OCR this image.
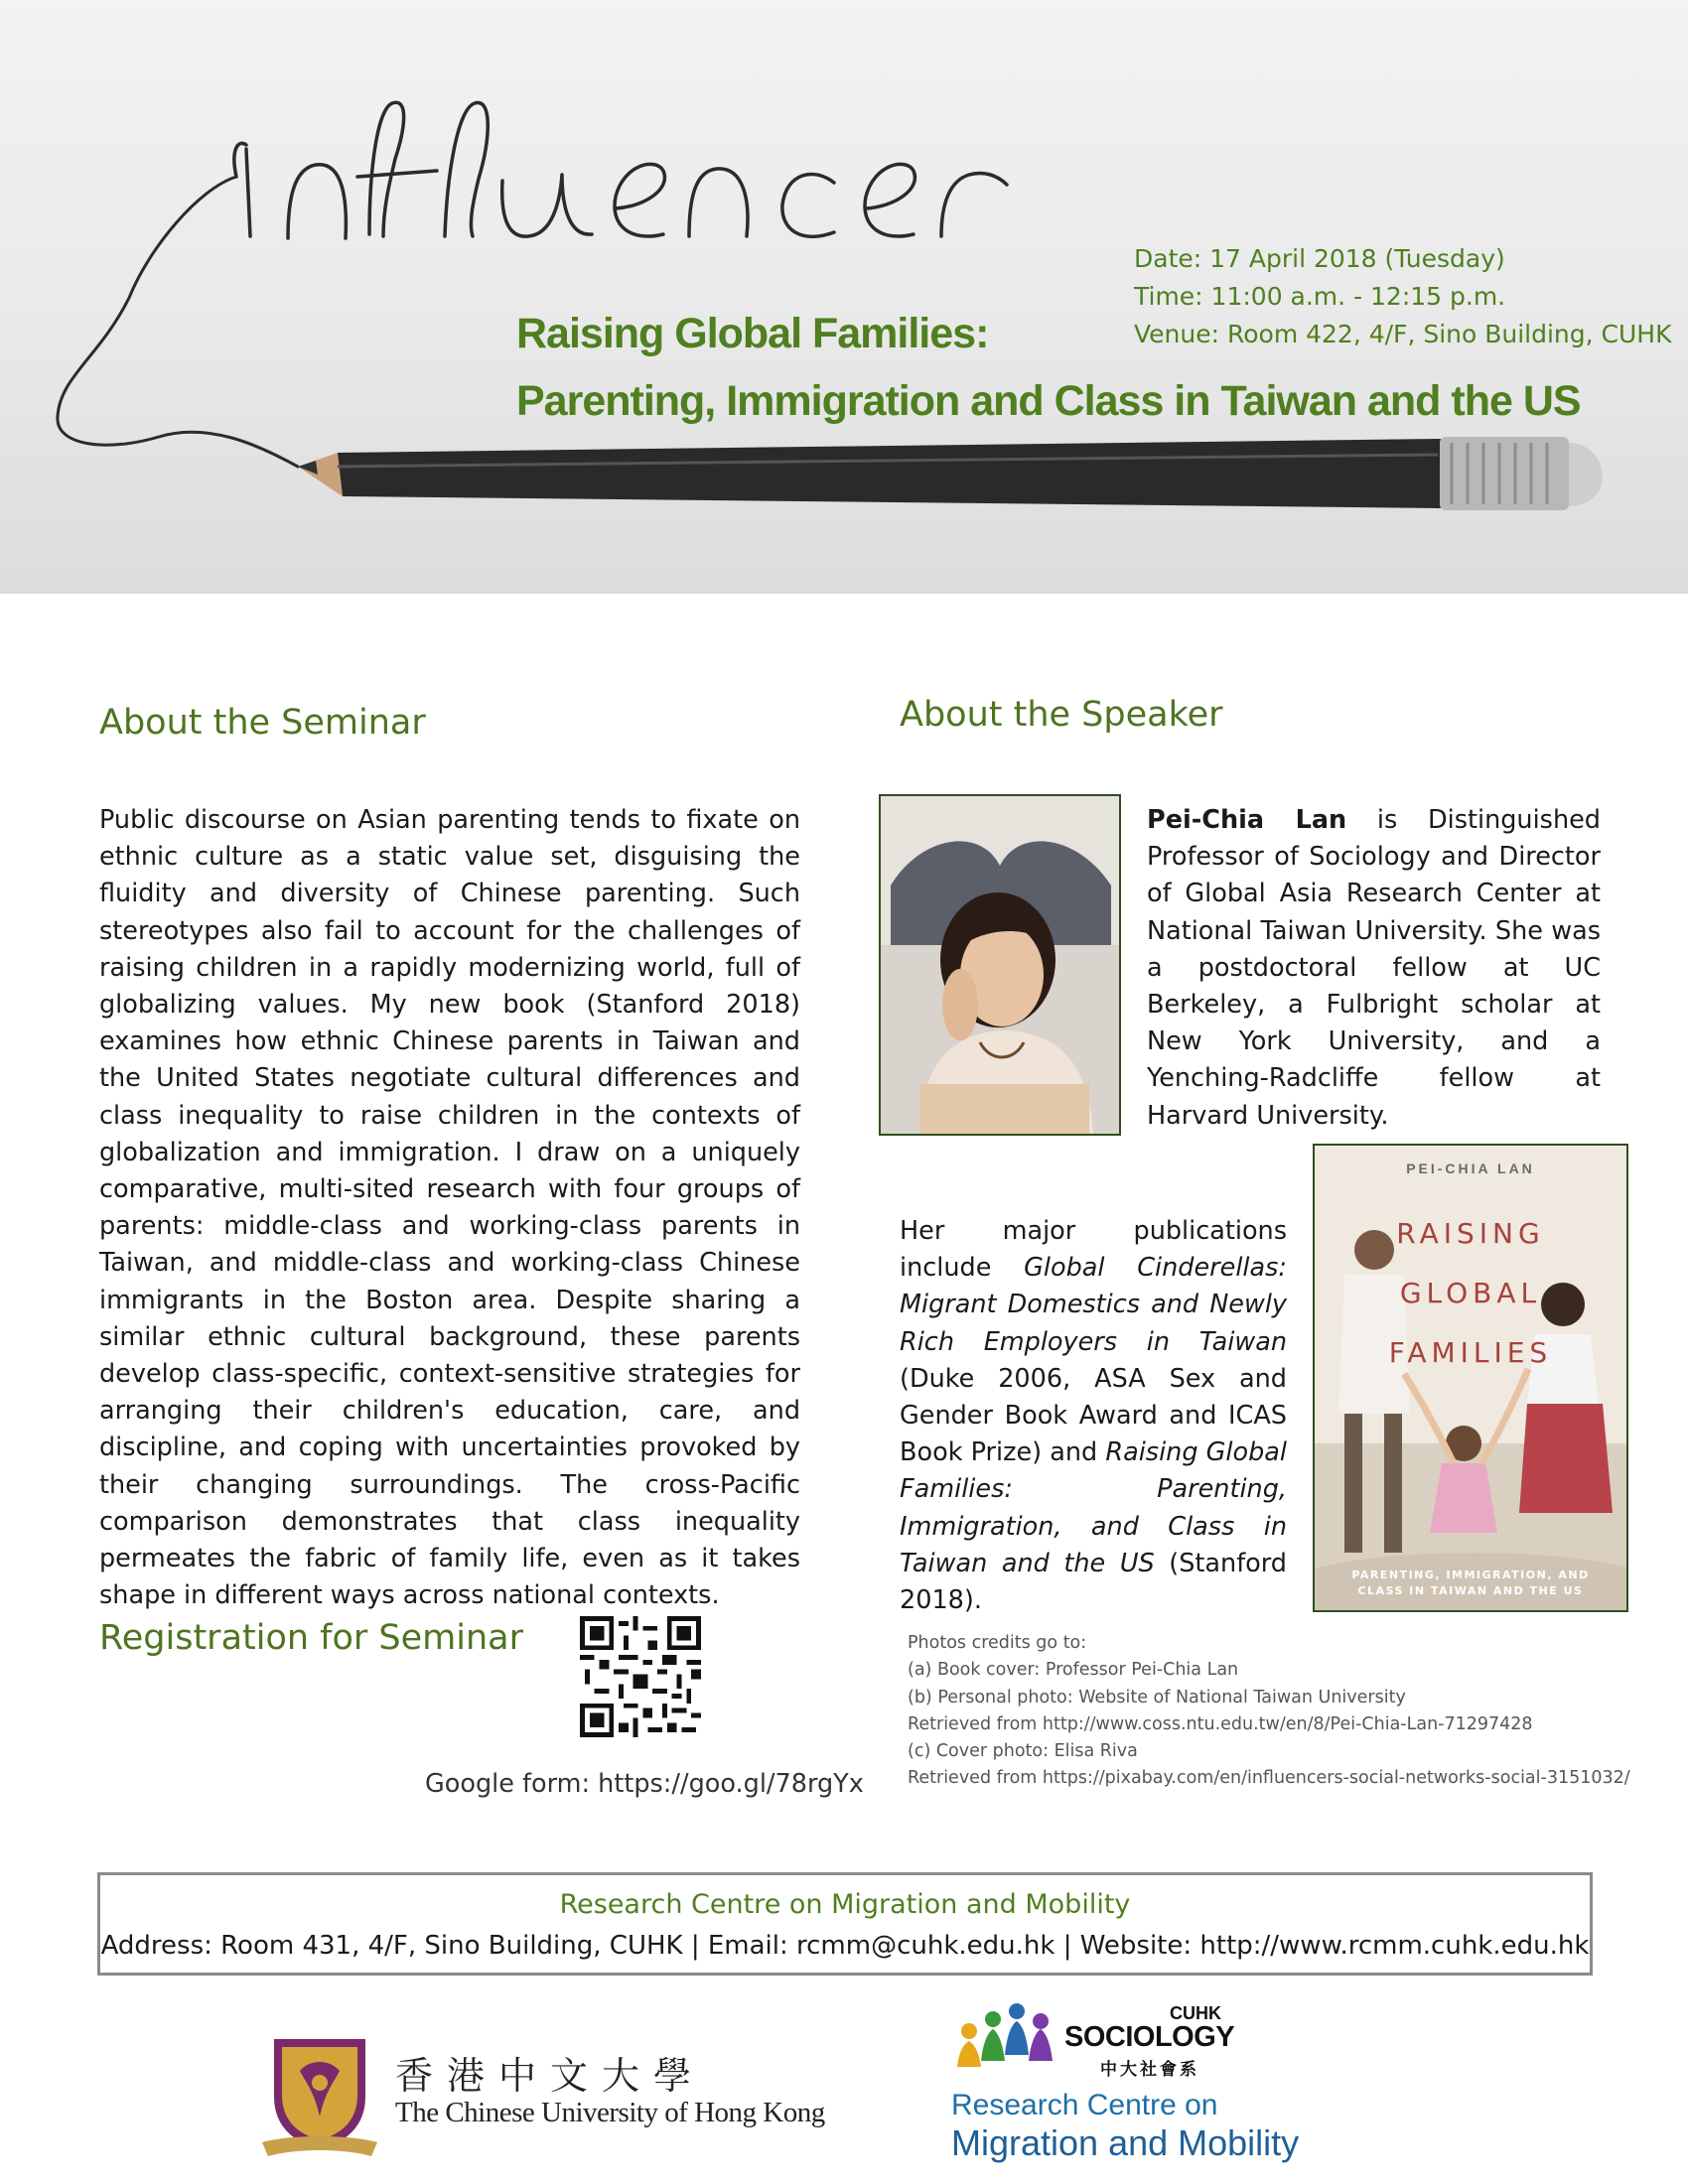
Raising Global Families:
Parenting, Immigration and Class in Taiwan and the US
Date: 17 April 2018 (Tuesday)
Time: 11:00 a.m. - 12:15 p.m.
Venue: Room 422, 4/F, Sino Building, CUHK
About the Seminar
Public discourse on Asian parenting tends to fixate on ethnic culture as a static value set, disguising the fluidity and diversity of Chinese parenting. Such stereotypes also fail to account for the challenges of raising children in a rapidly modernizing world, full of globalizing values. My new book (Stanford 2018) examines how ethnic Chinese parents in Taiwan and the United States negotiate cultural differences and class inequality to raise children in the contexts of globalization and immigration. I draw on a uniquely comparative, multi-sited research with four groups of parents: middle-class and working-class parents in Taiwan, and middle-class and working-class Chinese immigrants in the Boston area. Despite sharing a similar ethnic cultural background, these parents develop class-specific, context-sensitive strategies for arranging their children's education, care, and discipline, and coping with uncertainties provoked by their changing surroundings. The cross-Pacific comparison demonstrates that class inequality permeates the fabric of family life, even as it takes shape in different ways across national contexts.
About the Speaker
Pei-Chia Lan is Distinguished Professor of Sociology and Director of Global Asia Research Center at National Taiwan University. She was a postdoctoral fellow at UC Berkeley, a Fulbright scholar at New York University, and a Yenching-Radcliffe fellow at Harvard University.
PEI-CHIA LAN
RAISING
GLOBAL
FAMILIES
PARENTING, IMMIGRATION, AND
CLASS IN TAIWAN AND THE US
Her major publications include Global Cinderellas: Migrant Domestics and Newly Rich Employers in Taiwan (Duke 2006, ASA Sex and Gender Book Award and ICAS Book Prize) and Raising Global Families: Parenting, Immigration, and Class in Taiwan and the US (Stanford 2018).
Registration for Seminar
Google form: https://goo.gl/78rgYx
Photos credits go to:
(a) Book cover: Professor Pei-Chia Lan
(b) Personal photo: Website of National Taiwan University
Retrieved from http://www.coss.ntu.edu.tw/en/8/Pei-Chia-Lan-71297428
(c) Cover photo: Elisa Riva
Retrieved from https://pixabay.com/en/influencers-social-networks-social-3151032/
Research Centre on Migration and Mobility
Address: Room 431, 4/F, Sino Building, CUHK | Email: rcmm@cuhk.edu.hk | Website: http://www.rcmm.cuhk.edu.hk
香港中文大學
The Chinese University of Hong Kong
CUHK
SOCIOLOGY
中大社會系
Research Centre on
Migration and Mobility
